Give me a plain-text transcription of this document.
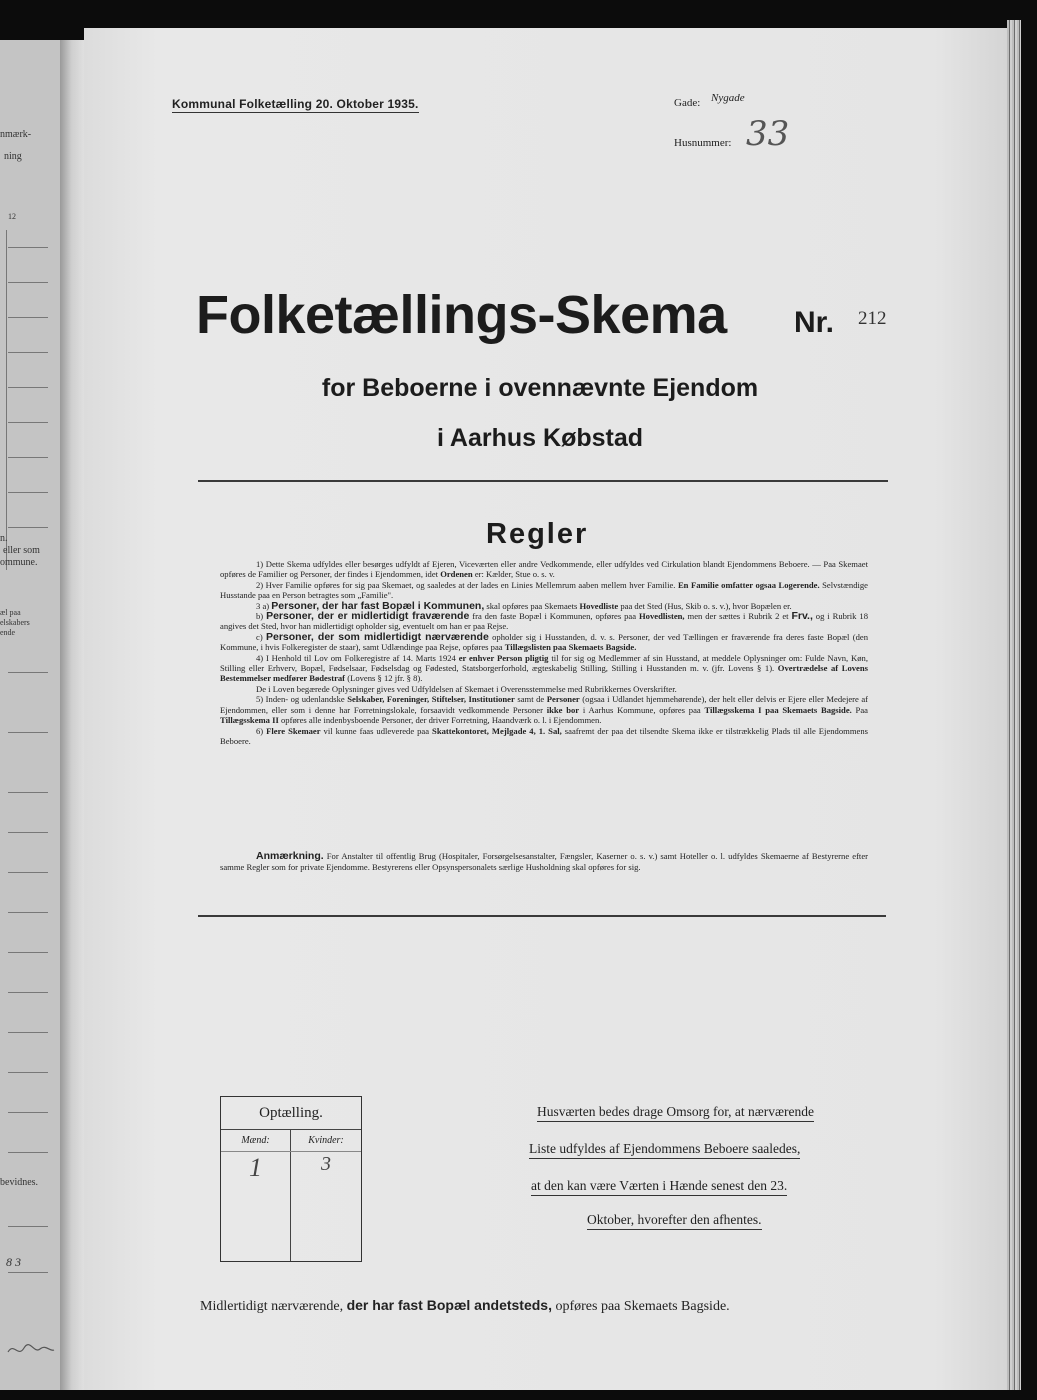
nmærk-
ning
12
n.
eller som
ommune.
æl paa
elskabers
ende
bevidnes.
8 3
Kommunal Folketælling 20. Oktober 1935.	Gade: Nygade
Husnummer: 33
Folketællings-Skema Nr. 212
for Beboerne i ovennævnte Ejendom
i Aarhus Købstad
Regler

1) Dette Skema udfyldes eller besørges udfyldt af Ejeren, Viceværten eller andre Vedkommende, eller udfyldes ved Cirkulation blandt Ejendommens Beboere. — Paa Skemaet opføres de Familier og Personer, der findes i Ejendommen, idet Ordenen er: Kælder, Stue o. s. v.

2) Hver Familie opføres for sig paa Skemaet, og saaledes at der lades en Linies Mellemrum aaben mellem hver Familie. En Familie omfatter ogsaa Logerende. Selvstændige Husstande paa en Person betragtes som „Familie".

3 a) Personer, der har fast Bopæl i Kommunen, skal opføres paa Skemaets Hovedliste paa det Sted (Hus, Skib o. s. v.), hvor Bopælen er.

b) Personer, der er midlertidigt fraværende fra den faste Bopæl i Kommunen, opføres paa Hovedlisten, men der sættes i Rubrik 2 et Frv., og i Rubrik 18 angives det Sted, hvor han midlertidigt opholder sig, eventuelt om han er paa Rejse.

c) Personer, der som midlertidigt nærværende opholder sig i Husstanden, d. v. s. Personer, der ved Tællingen er fraværende fra deres faste Bopæl (den Kommune, i hvis Folkeregister de staar), samt Udlændinge paa Rejse, opføres paa Tillægslisten paa Skemaets Bagside.

4) I Henhold til Lov om Folkeregistre af 14. Marts 1924 er enhver Person pligtig til for sig og Medlemmer af sin Husstand, at meddele Oplysninger om: Fulde Navn, Køn, Stilling eller Erhverv, Bopæl, Fødselsaar, Fødselsdag og Fødested, Statsborgerforhold, ægteskabelig Stilling, Stilling i Husstanden m. v. (jfr. Lovens § 1). Overtrædelse af Lovens Bestemmelser medfører Bødestraf (Lovens § 12 jfr. § 8).

De i Loven begærede Oplysninger gives ved Udfyldelsen af Skemaet i Overensstemmelse med Rubrikkernes Overskrifter.

5) Inden- og udenlandske Selskaber, Foreninger, Stiftelser, Institutioner samt de Personer (ogsaa i Udlandet hjemmehørende), der helt eller delvis er Ejere eller Medejere af Ejendommen, eller som i denne har Forretningslokale, forsaavidt vedkommende Personer ikke bor i Aarhus Kommune, opføres paa Tillægsskema I paa Skemaets Bagside. Paa Tillægsskema II opføres alle indenbysboende Personer, der driver Forretning, Haandværk o. l. i Ejendommen.

6) Flere Skemaer vil kunne faas udleverede paa Skattekontoret, Mejlgade 4, 1. Sal, saafremt der paa det tilsendte Skema ikke er tilstrækkelig Plads til alle Ejendommens Beboere.

Anmærkning. For Anstalter til offentlig Brug (Hospitaler, Forsørgelsesanstalter, Fængsler, Kaserner o. s. v.) samt Hoteller o. l. udfyldes Skemaerne af Bestyrerne efter samme Regler som for private Ejendomme. Bestyrerens eller Opsynspersonalets særlige Husholdning skal opføres for sig.
Optælling.
Mænd:	Kvinder:
1	3
Husværten bedes drage Omsorg for, at nærværende
Liste udfyldes af Ejendommens Beboere saaledes,
at den kan være Værten i Hænde senest den 23.
Oktober, hvorefter den afhentes.
Midlertidigt nærværende, der har fast Bopæl andetsteds, opføres paa Skemaets Bagside.
